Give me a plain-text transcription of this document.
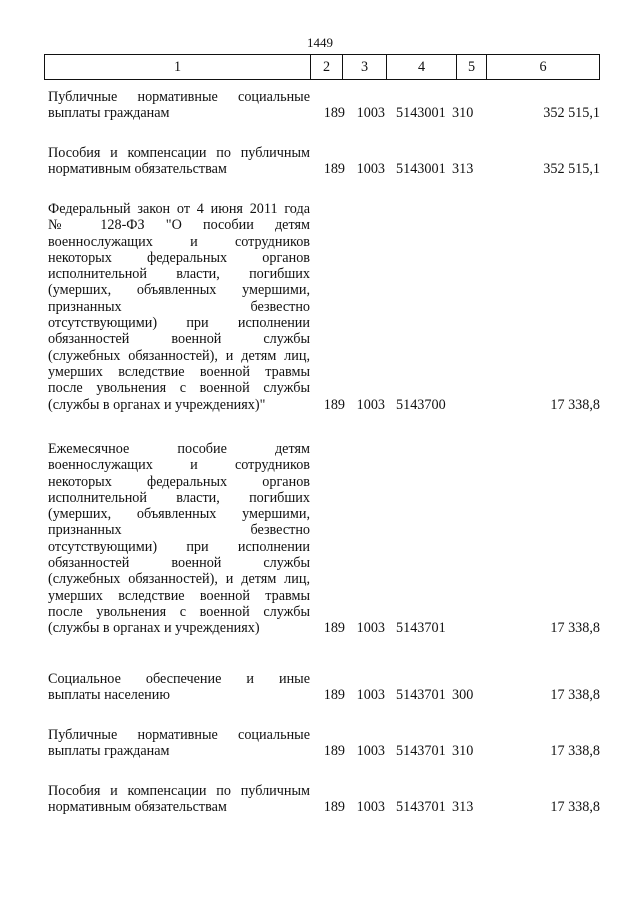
1449
1	2	3	4	5	6
Публичные нормативные социальные
выплаты гражданам	189 1003 5143001 310	352 515,1
Пособия и компенсации по публичным
нормативным обязательствам	189 1003 5143001 313	352 515,1
Федеральный закон от 4 июня 2011 года
№ 128-ФЗ "О пособии детям
военнослужащих и сотрудников
некоторых федеральных органов
исполнительной власти, погибших
(умерших, объявленных умершими,
признанных безвестно
отсутствующими) при исполнении
обязанностей военной службы
(служебных обязанностей), и детям лиц,
умерших вследствие военной травмы
после увольнения с военной службы
(службы в органах и учреждениях)"	189 1003 5143700	17 338,8
Ежемесячное пособие детям
военнослужащих и сотрудников
некоторых федеральных органов
исполнительной власти, погибших
(умерших, объявленных умершими,
признанных безвестно
отсутствующими) при исполнении
обязанностей военной службы
(служебных обязанностей), и детям лиц,
умерших вследствие военной травмы
после увольнения с военной службы
(службы в органах и учреждениях)	189 1003 5143701	17 338,8
Социальное обеспечение и иные
выплаты населению	189 1003 5143701 300	17 338,8
Публичные нормативные социальные
выплаты гражданам	189 1003 5143701 310	17 338,8
Пособия и компенсации по публичным
нормативным обязательствам	189 1003 5143701 313	17 338,8
